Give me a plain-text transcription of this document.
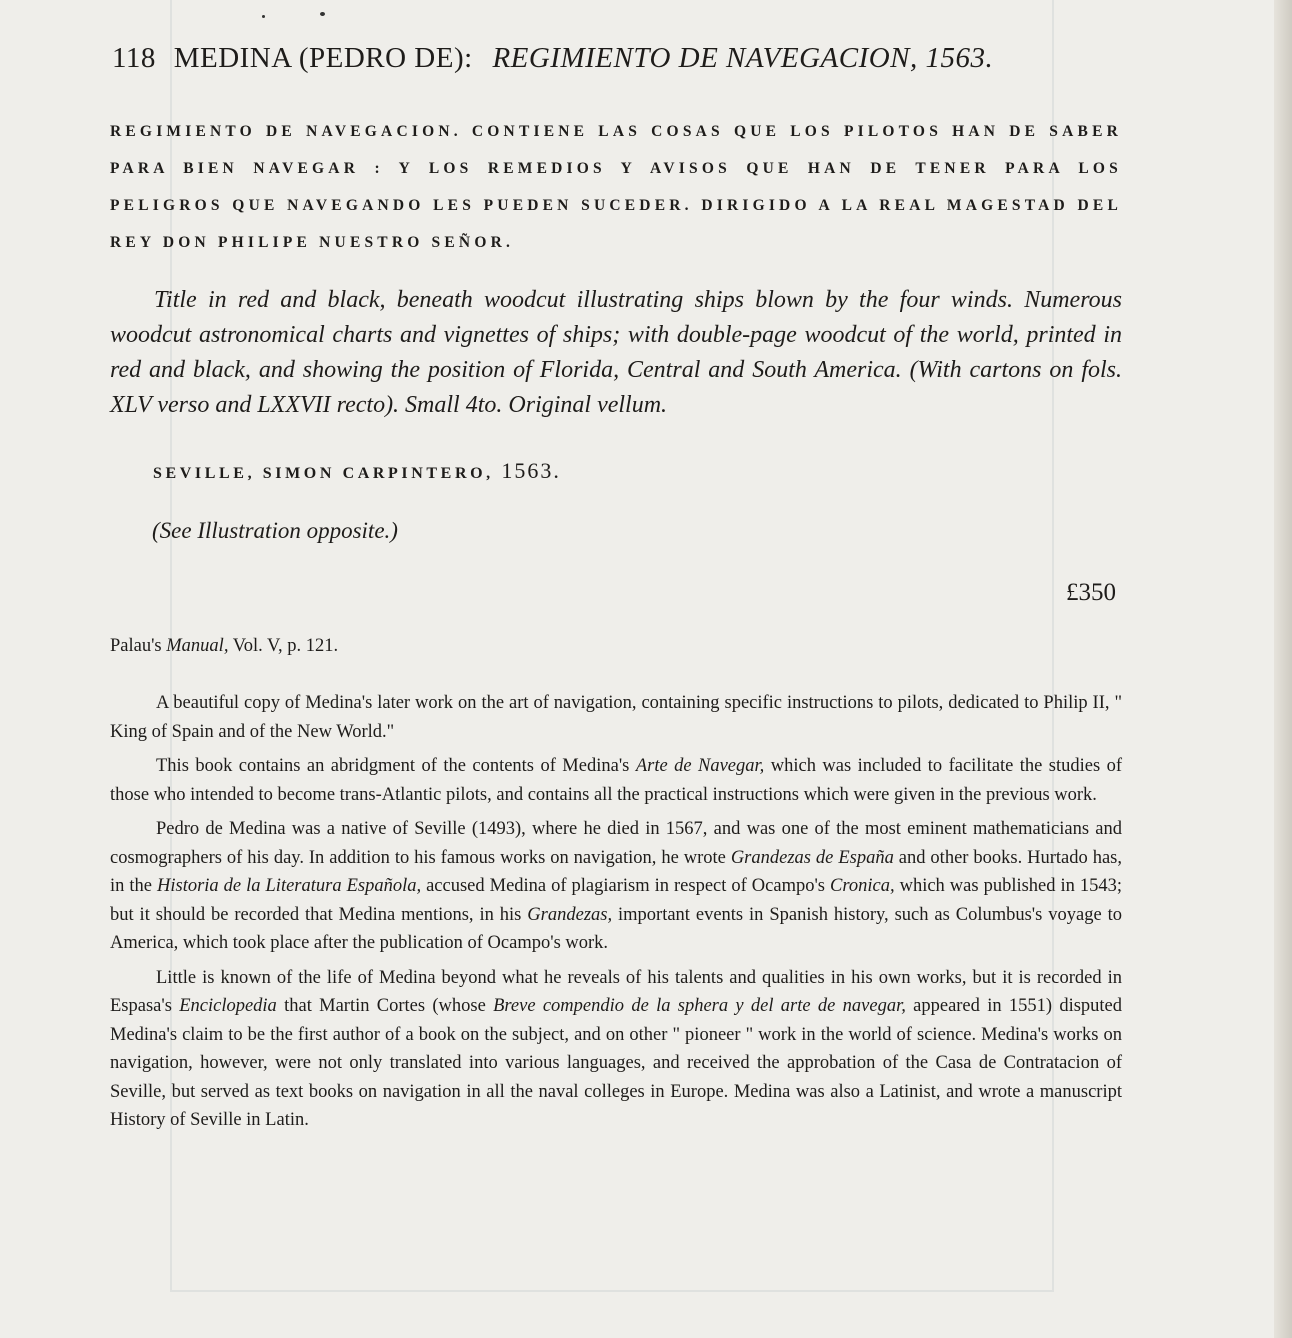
118 MEDINA (PEDRO DE): REGIMIENTO DE NAVEGACION, 1563.
REGIMIENTO DE NAVEGACION. CONTIENE LAS COSAS QUE LOS PILOTOS HAN DE SABER PARA BIEN NAVEGAR : Y LOS REMEDIOS Y AVISOS QUE HAN DE TENER PARA LOS PELIGROS QUE NAVEGANDO LES PUEDEN SUCEDER. DIRIGIDO A LA REAL MAGESTAD DEL REY DON PHILIPE NUESTRO SEÑOR.
Title in red and black, beneath woodcut illustrating ships blown by the four winds. Numerous woodcut astronomical charts and vignettes of ships; with double-page woodcut of the world, printed in red and black, and showing the position of Florida, Central and South America. (With cartons on fols. XLV verso and LXXVII recto). Small 4to. Original vellum.
SEVILLE, SIMON CARPINTERO, 1563.
(See Illustration opposite.)
£350
Palau's Manual, Vol. V, p. 121.

A beautiful copy of Medina's later work on the art of navigation, containing specific instructions to pilots, dedicated to Philip II, " King of Spain and of the New World."

This book contains an abridgment of the contents of Medina's Arte de Navegar, which was included to facilitate the studies of those who intended to become trans-Atlantic pilots, and contains all the practical instructions which were given in the previous work.

Pedro de Medina was a native of Seville (1493), where he died in 1567, and was one of the most eminent mathematicians and cosmographers of his day. In addition to his famous works on navigation, he wrote Grandezas de España and other books. Hurtado has, in the Historia de la Literatura Española, accused Medina of plagiarism in respect of Ocampo's Cronica, which was published in 1543; but it should be recorded that Medina mentions, in his Grandezas, important events in Spanish history, such as Columbus's voyage to America, which took place after the publication of Ocampo's work.

Little is known of the life of Medina beyond what he reveals of his talents and qualities in his own works, but it is recorded in Espasa's Enciclopedia that Martin Cortes (whose Breve compendio de la sphera y del arte de navegar, appeared in 1551) disputed Medina's claim to be the first author of a book on the subject, and on other " pioneer " work in the world of science. Medina's works on navigation, however, were not only translated into various languages, and received the approbation of the Casa de Contratacion of Seville, but served as text books on navigation in all the naval colleges in Europe. Medina was also a Latinist, and wrote a manuscript History of Seville in Latin.
